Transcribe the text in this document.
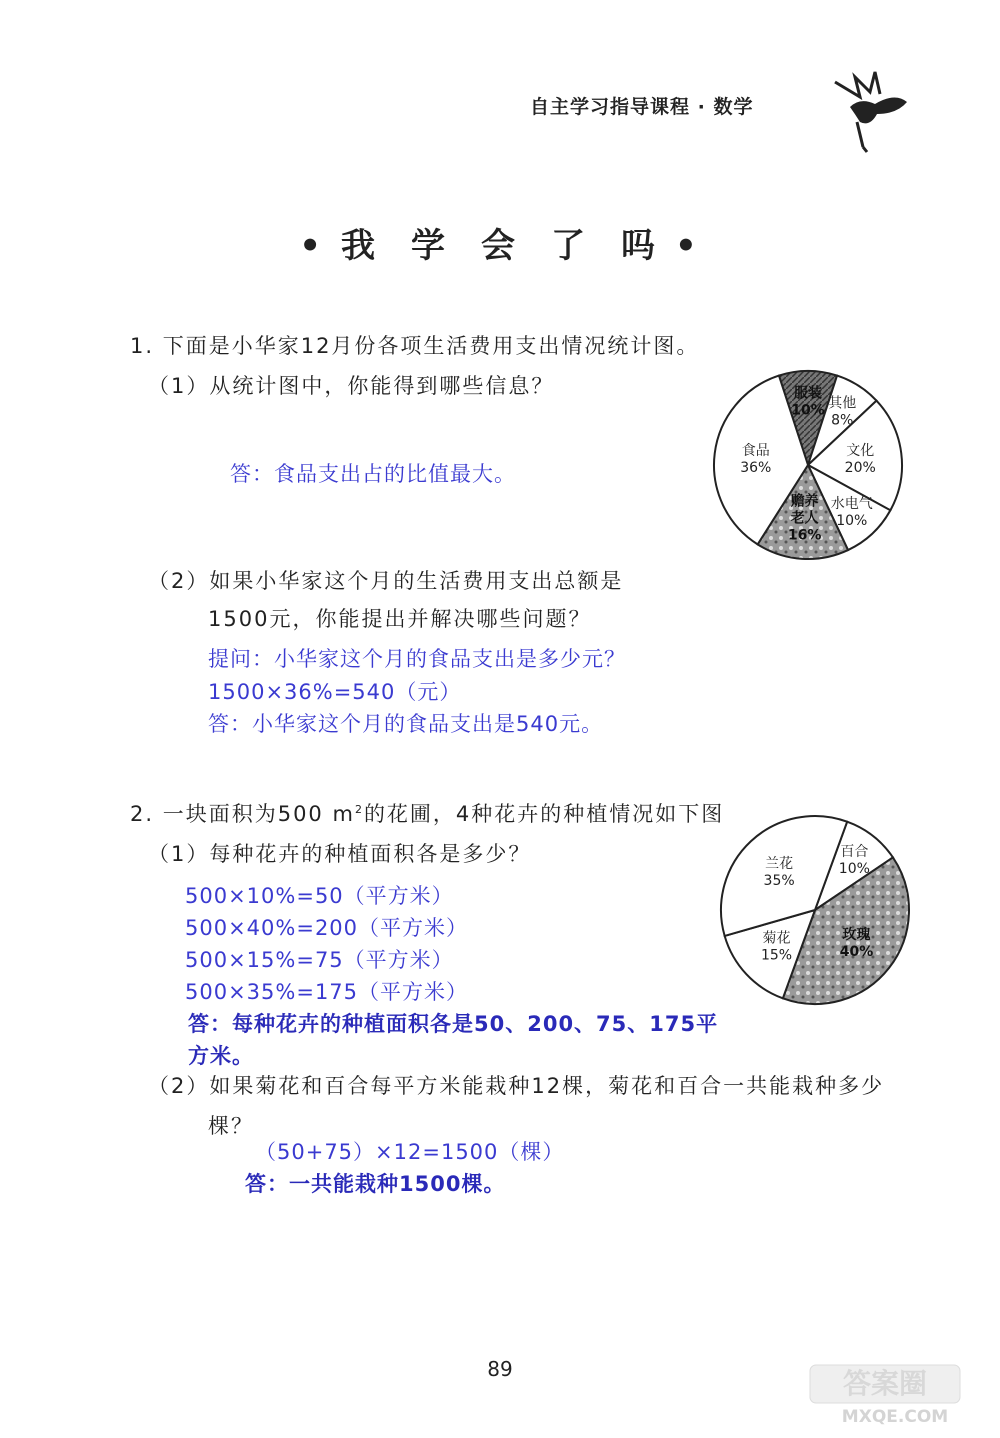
自主学习指导课程 · 数学
• 我 学 会 了 吗 •
1. 下面是小华家12月份各项生活费用支出情况统计图。
（1）从统计图中，你能得到哪些信息？
答：食品支出占的比值最大。
（2）如果小华家这个月的生活费用支出总额是
1500元，你能提出并解决哪些问题？
提问：小华家这个月的食品支出是多少元？
1500×36%=540（元）
答：小华家这个月的食品支出是540元。
服装
10% 其他
8%
文化
20%
水电气
10%
赡养
老人
16%
食品
36%
2. 一块面积为500 $m^2$的花圃，4种花卉的种植情况如下图
（1）每种花卉的种植面积各是多少？
500×10%=50（平方米）
500×40%=200（平方米）
500×15%=75（平方米）
500×35%=175（平方米）
答：每种花卉的种植面积各是50、200、75、175平
方米。
（2）如果菊花和百合每平方米能栽种12棵，菊花和百合一共能栽种多少
棵？
（50+75）×12=1500（棵）
答：一共能栽种1500棵。
百合
10%
玫瑰
40%
菊花
15%
兰花
35%
89	答案圈
MXQE.COM
